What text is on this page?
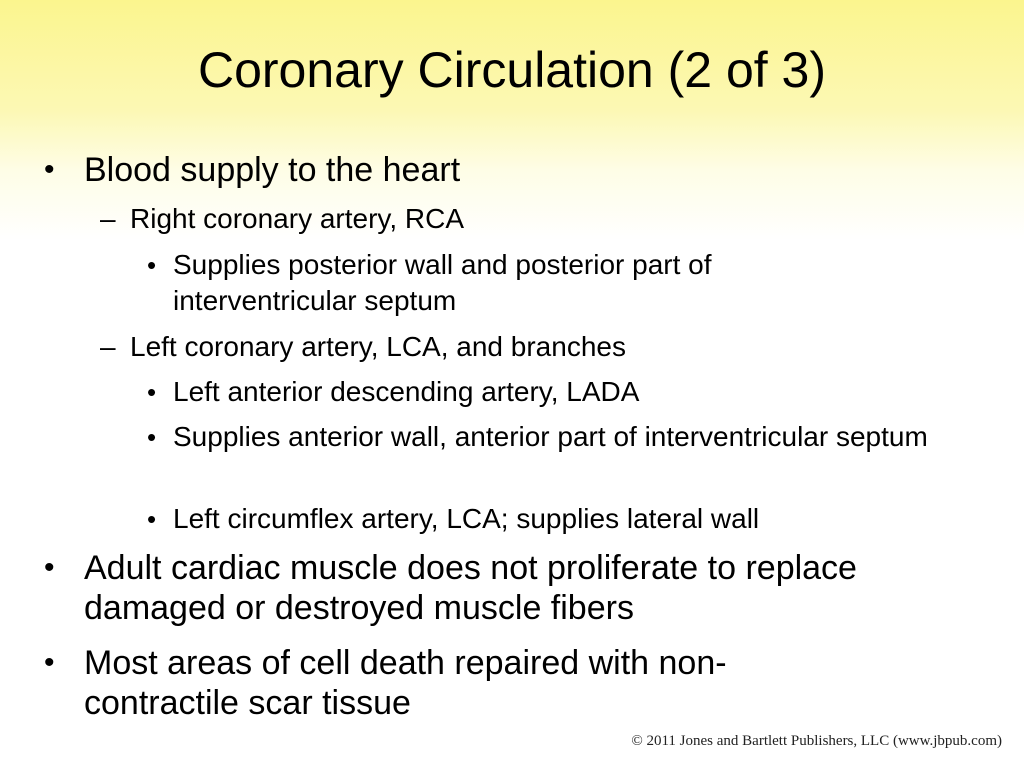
Coronary Circulation (2 of 3)
• Blood supply to the heart
– Right coronary artery, RCA
• Supplies posterior wall and posterior part of interventricular septum
– Left coronary artery, LCA, and branches
• Left anterior descending artery, LADA
• Supplies anterior wall, anterior part of interventricular septum
• Left circumflex artery, LCA; supplies lateral wall
• Adult cardiac muscle does not proliferate to replace damaged or destroyed muscle fibers
• Most areas of cell death repaired with non-contractile scar tissue
© 2011 Jones and Bartlett Publishers, LLC (www.jbpub.com)
